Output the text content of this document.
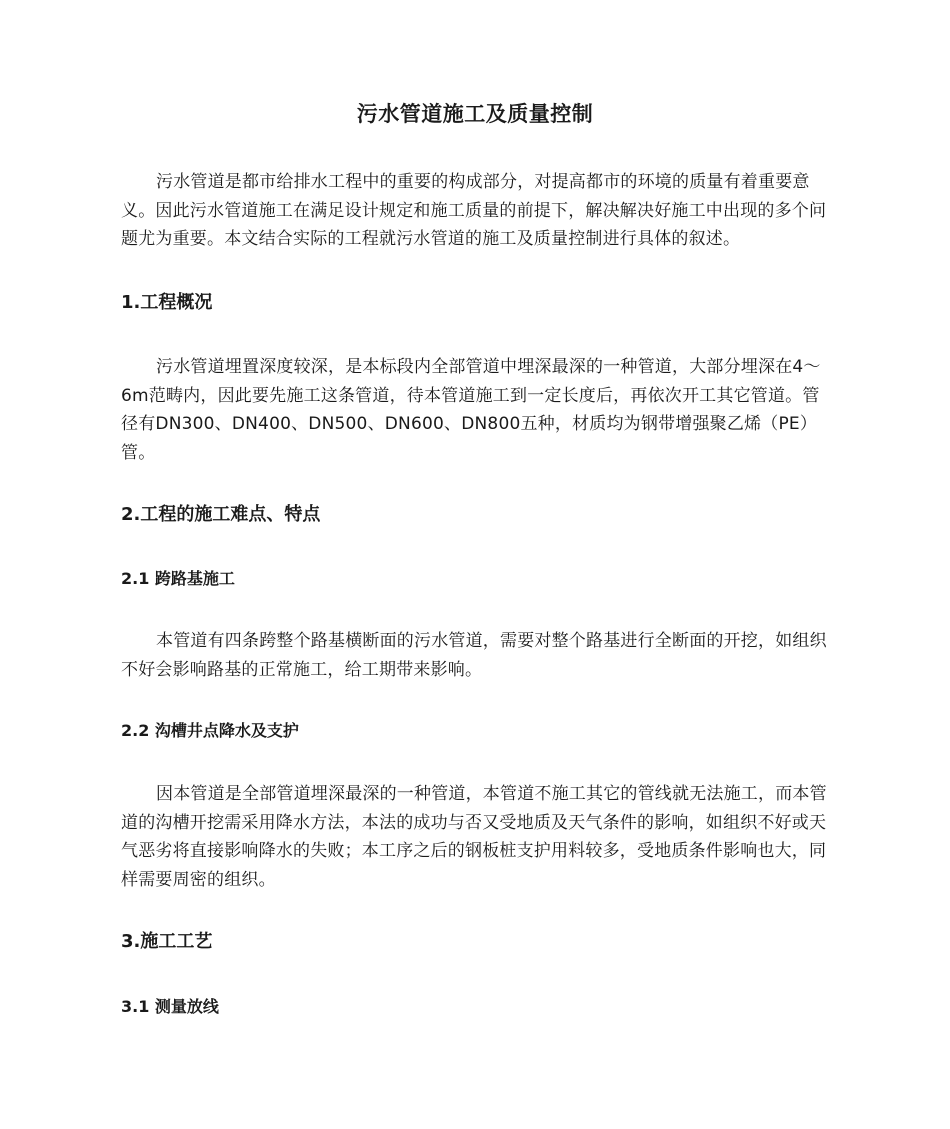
污水管道施工及质量控制

污水管道是都市给排水工程中的重要的构成部分，对提高都市的环境的质量有着重要意义。因此污水管道施工在满足设计规定和施工质量的前提下，解决解决好施工中出现的多个问题尤为重要。本文结合实际的工程就污水管道的施工及质量控制进行具体的叙述。

1.工程概况

污水管道埋置深度较深，是本标段内全部管道中埋深最深的一种管道，大部分埋深在4～6m范畴内，因此要先施工这条管道，待本管道施工到一定长度后，再依次开工其它管道。管径有DN300、DN400、DN500、DN600、DN800五种，材质均为钢带增强聚乙烯（PE）管。

2.工程的施工难点、特点
2.1 跨路基施工

本管道有四条跨整个路基横断面的污水管道，需要对整个路基进行全断面的开挖，如组织不好会影响路基的正常施工，给工期带来影响。

2.2 沟槽井点降水及支护

因本管道是全部管道埋深最深的一种管道，本管道不施工其它的管线就无法施工，而本管道的沟槽开挖需采用降水方法，本法的成功与否又受地质及天气条件的影响，如组织不好或天气恶劣将直接影响降水的失败；本工序之后的钢板桩支护用料较多，受地质条件影响也大，同样需要周密的组织。

3.施工工艺
3.1 测量放线
